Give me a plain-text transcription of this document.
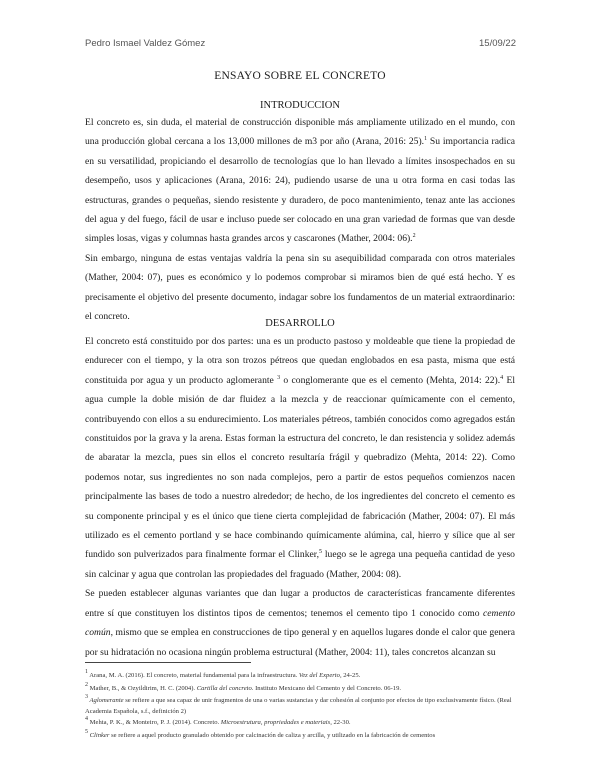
Pedro Ismael Valdez Gómez	15/09/22
ENSAYO SOBRE EL CONCRETO
INTRODUCCION

El concreto es, sin duda, el material de construcción disponible más ampliamente utilizado en el mundo, con una producción global cercana a los 13,000 millones de m3 por año (Arana, 2016: 25).$^1$ Su importancia radica en su versatilidad, propiciando el desarrollo de tecnologías que lo han llevado a límites insospechados en su desempeño, usos y aplicaciones (Arana, 2016: 24), pudiendo usarse de una u otra forma en casi todas las estructuras, grandes o pequeñas, siendo resistente y duradero, de poco mantenimiento, tenaz ante las acciones del agua y del fuego, fácil de usar e incluso puede ser colocado en una gran variedad de formas que van desde simples losas, vigas y columnas hasta grandes arcos y cascarones (Mather, 2004: 06).$^2$

Sin embargo, ninguna de estas ventajas valdría la pena sin su asequibilidad comparada con otros materiales (Mather, 2004: 07), pues es económico y lo podemos comprobar si miramos bien de qué está hecho. Y es precisamente el objetivo del presente documento, indagar sobre los fundamentos de un material extraordinario: el concreto.

DESARROLLO

El concreto está constituido por dos partes: una es un producto pastoso y moldeable que tiene la propiedad de endurecer con el tiempo, y la otra son trozos pétreos que quedan englobados en esa pasta, misma que está constituida por agua y un producto aglomerante $^3$ o conglomerante que es el cemento (Mehta, 2014: 22).$^4$ El agua cumple la doble misión de dar fluidez a la mezcla y de reaccionar químicamente con el cemento, contribuyendo con ellos a su endurecimiento. Los materiales pétreos, también conocidos como agregados están constituidos por la grava y la arena. Estas forman la estructura del concreto, le dan resistencia y solidez además de abaratar la mezcla, pues sin ellos el concreto resultaría frágil y quebradizo (Mehta, 2014: 22). Como podemos notar, sus ingredientes no son nada complejos, pero a partir de estos pequeños comienzos nacen principalmente las bases de todo a nuestro alrededor; de hecho, de los ingredientes del concreto el cemento es su componente principal y es el único que tiene cierta complejidad de fabricación (Mather, 2004: 07). El más utilizado es el cemento portland y se hace combinando químicamente alúmina, cal, hierro y sílice que al ser fundido son pulverizados para finalmente formar el Clinker,$^5$ luego se le agrega una pequeña cantidad de yeso sin calcinar y agua que controlan las propiedades del fraguado (Mather, 2004: 08).

Se pueden establecer algunas variantes que dan lugar a productos de características francamente diferentes entre sí que constituyen los distintos tipos de cementos; tenemos el cemento tipo 1 conocido como cemento común, mismo que se emplea en construcciones de tipo general y en aquellos lugares donde el calor que genera por su hidratación no ocasiona ningún problema estructural (Mather, 2004: 11), tales concretos alcanzan su

$^1$ Arana, M. A. (2016). El concreto, material fundamental para la infraestructura. Vez del Experto, 24-25.
$^2$ Mather, B., & Ozyildirim, H. C. (2004). Cartilla del concreto. Instituto Mexicano del Cemento y del Concreto. 06-19.
$^3$ Aglomerante se refiere a que sea capaz de unir fragmentos de una o varias sustancias y dar cohesión al conjunto por efectos de tipo exclusivamente físico. (Real Academia Española, s.f., definición 2)
$^4$ Mehta, P. K., & Monteiro, P. J. (2014). Concreto. Microestrutura, propriedades e materiais, 22-30.
$^5$ Clinker se refiere a aquel producto granulado obtenido por calcinación de caliza y arcilla, y utilizado en la fabricación de cementos
